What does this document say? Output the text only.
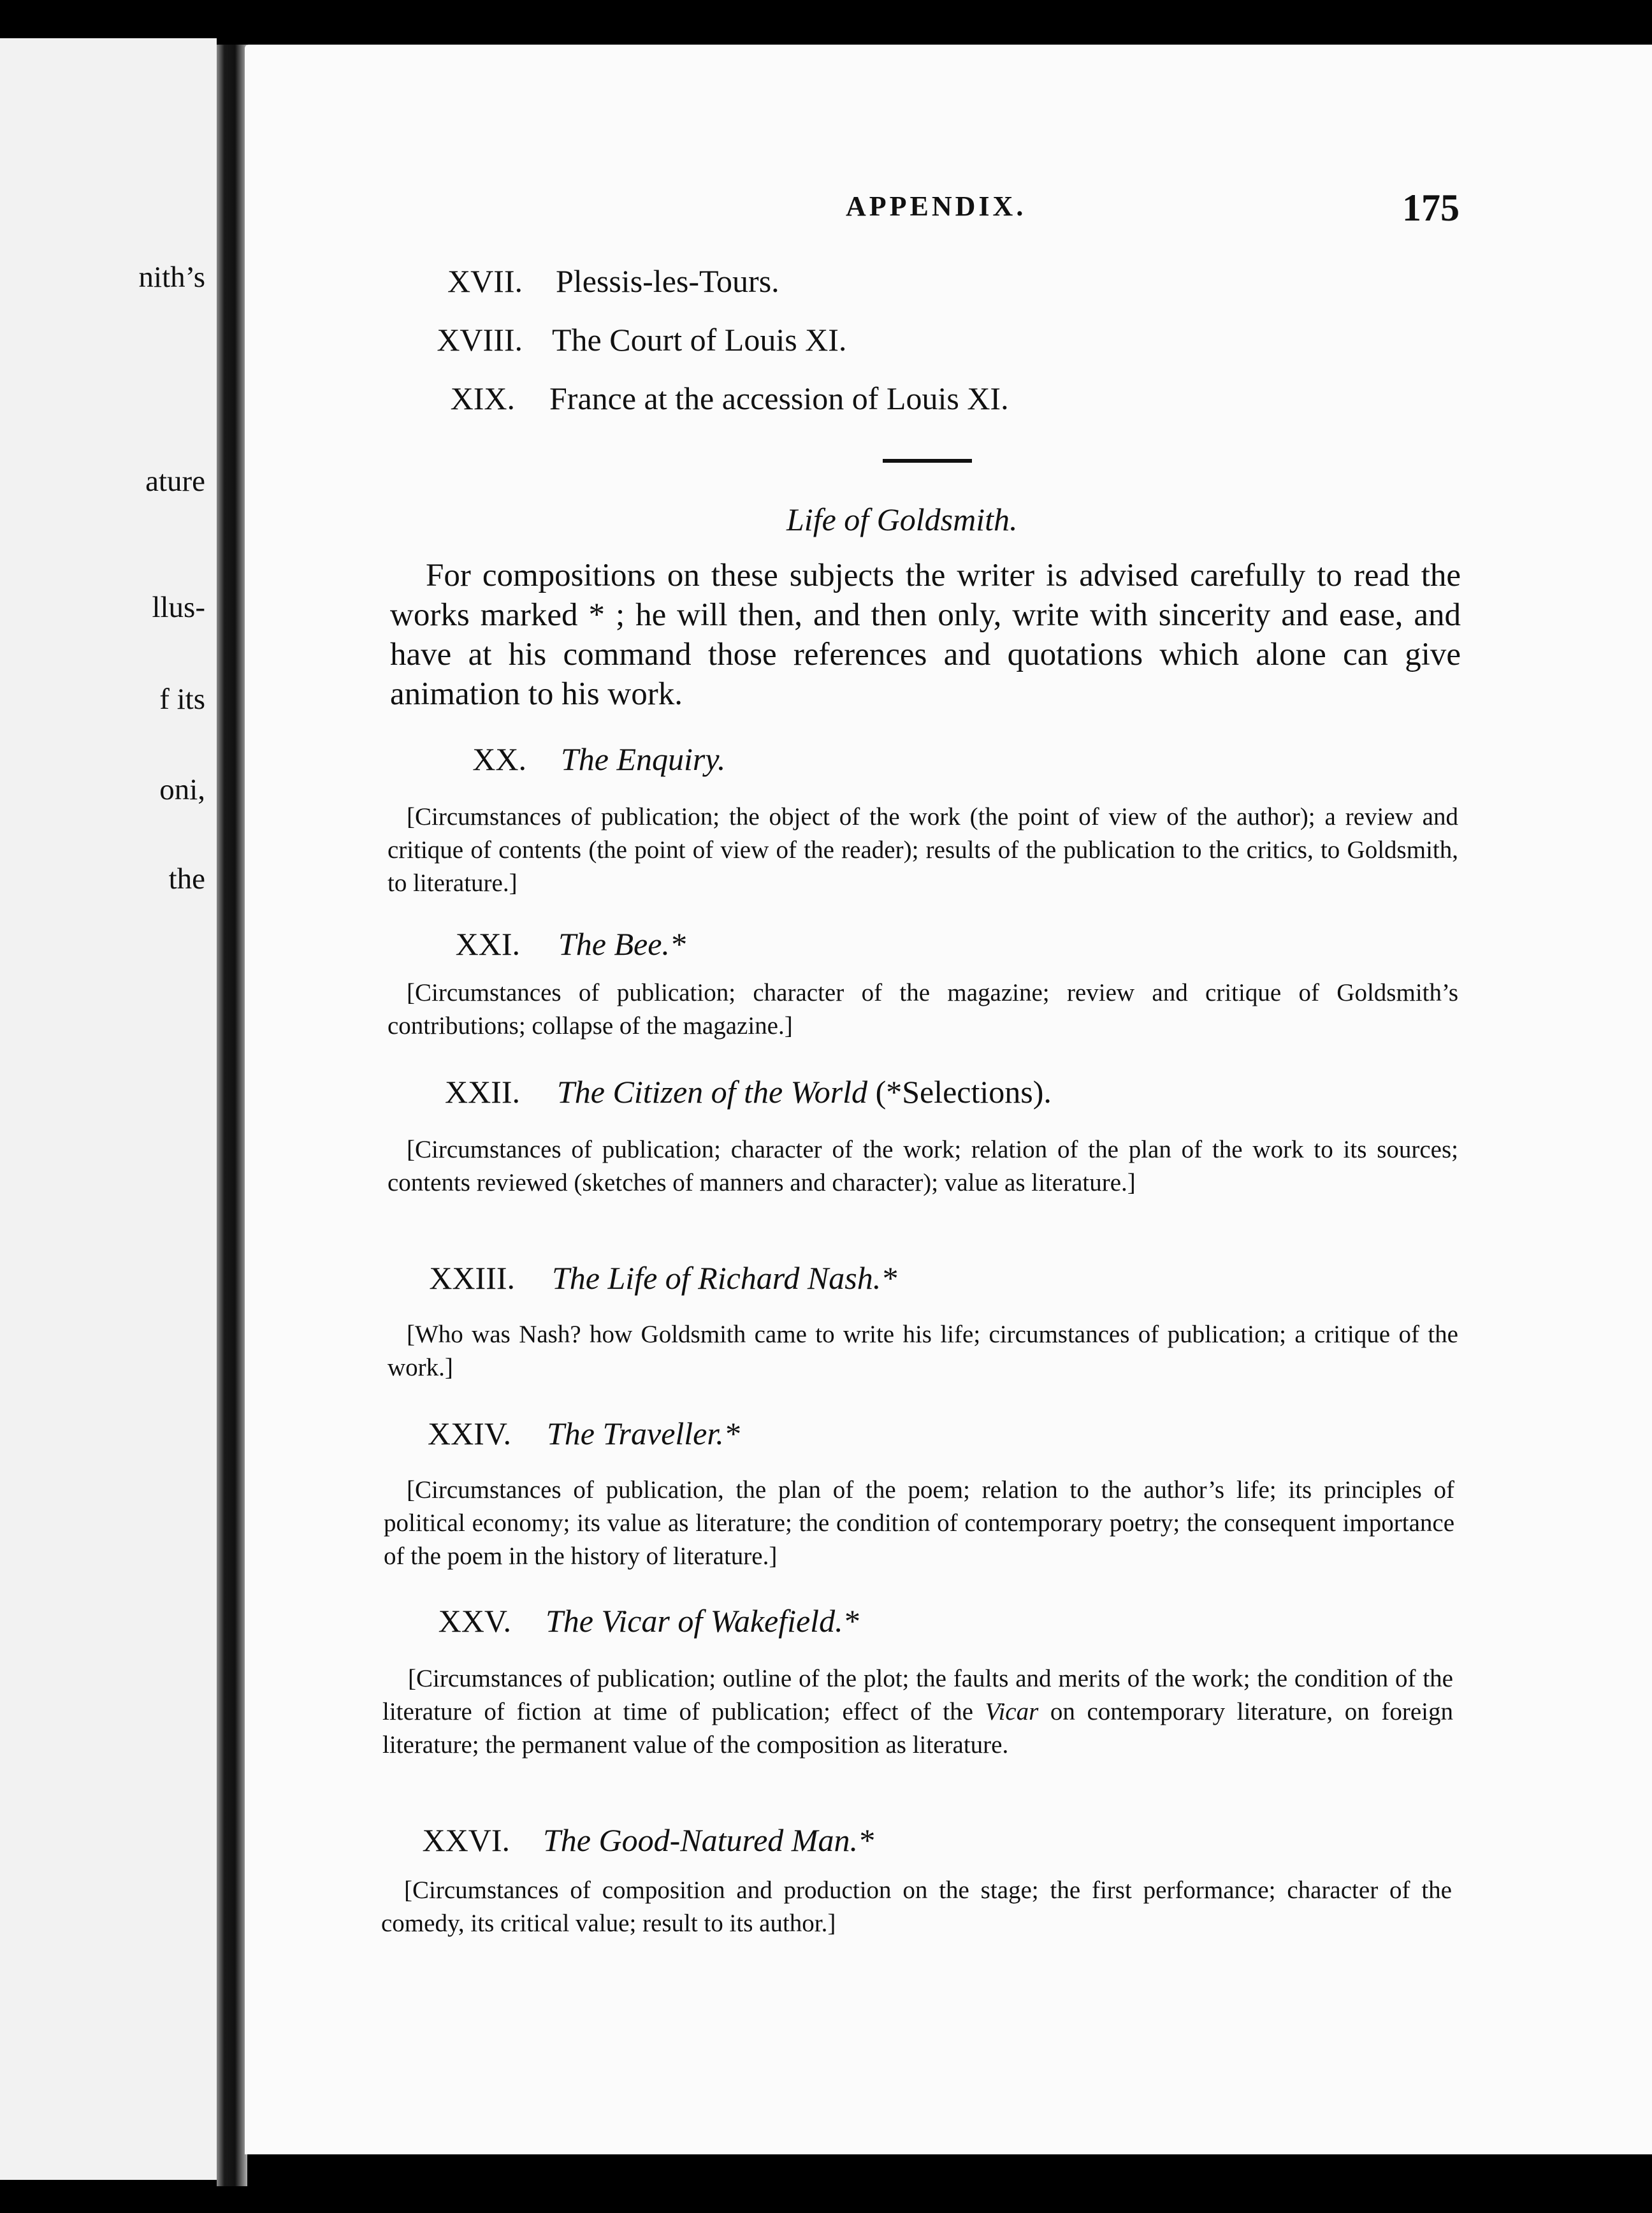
nith’s
ature
llus-
f its
oni,
the
APPENDIX.	175
XVII. Plessis-les-Tours.
XVIII. The Court of Louis XI.
XIX. France at the accession of Louis XI.
Life of Goldsmith.
For compositions on these subjects the writer is advised carefully to read the works marked * ; he will then, and then only, write with sincerity and ease, and have at his command those references and quotations which alone can give animation to his work.
XX. The Enquiry.
[Circumstances of publication; the object of the work (the point of view of the author); a review and critique of contents (the point of view of the reader); results of the publication to the critics, to Goldsmith, to literature.]
XXI. The Bee.*
[Circumstances of publication; character of the magazine; review and critique of Goldsmith’s contributions; collapse of the magazine.]
XXII. The Citizen of the World (*Selections).
[Circumstances of publication; character of the work; relation of the plan of the work to its sources; contents reviewed (sketches of manners and character); value as literature.]
XXIII. The Life of Richard Nash.*
[Who was Nash? how Goldsmith came to write his life; circumstances of publication; a critique of the work.]
XXIV. The Traveller.*
[Circumstances of publication, the plan of the poem; relation to the author’s life; its principles of political economy; its value as literature; the condition of contemporary poetry; the consequent importance of the poem in the history of literature.]
XXV. The Vicar of Wakefield.*
[Circumstances of publication; outline of the plot; the faults and merits of the work; the condition of the literature of fiction at time of publication; effect of the Vicar on contemporary literature, on foreign literature; the permanent value of the composition as literature.
XXVI. The Good-Natured Man.*
[Circumstances of composition and production on the stage; the first performance; character of the comedy, its critical value; result to its author.]
